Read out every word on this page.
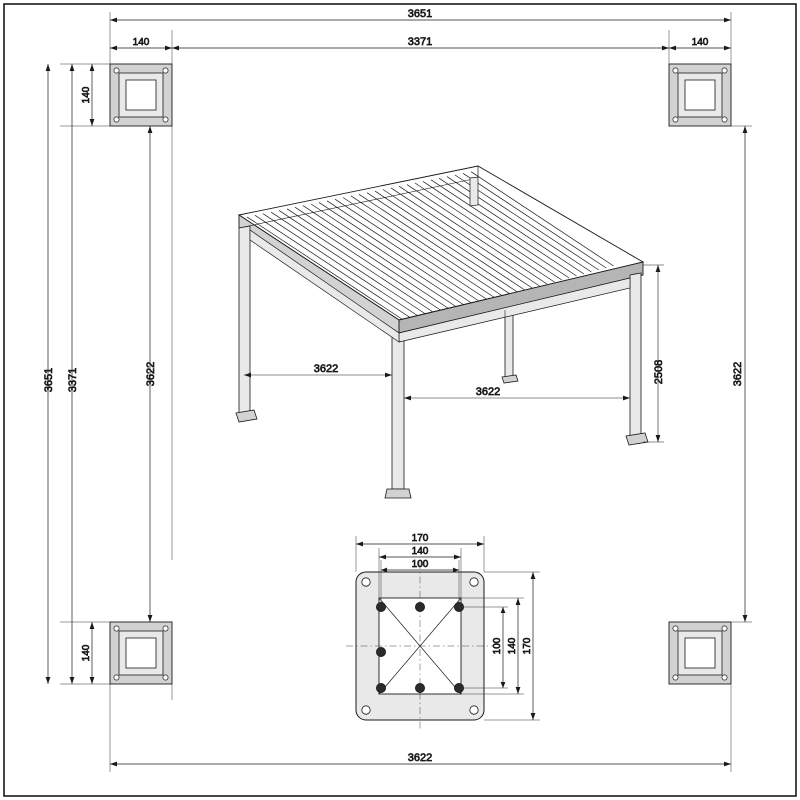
3651
3371
140	140
3651 3371
140
140
3622	3622
3622
3622
3622
2508
170
140
100
170
140
100
